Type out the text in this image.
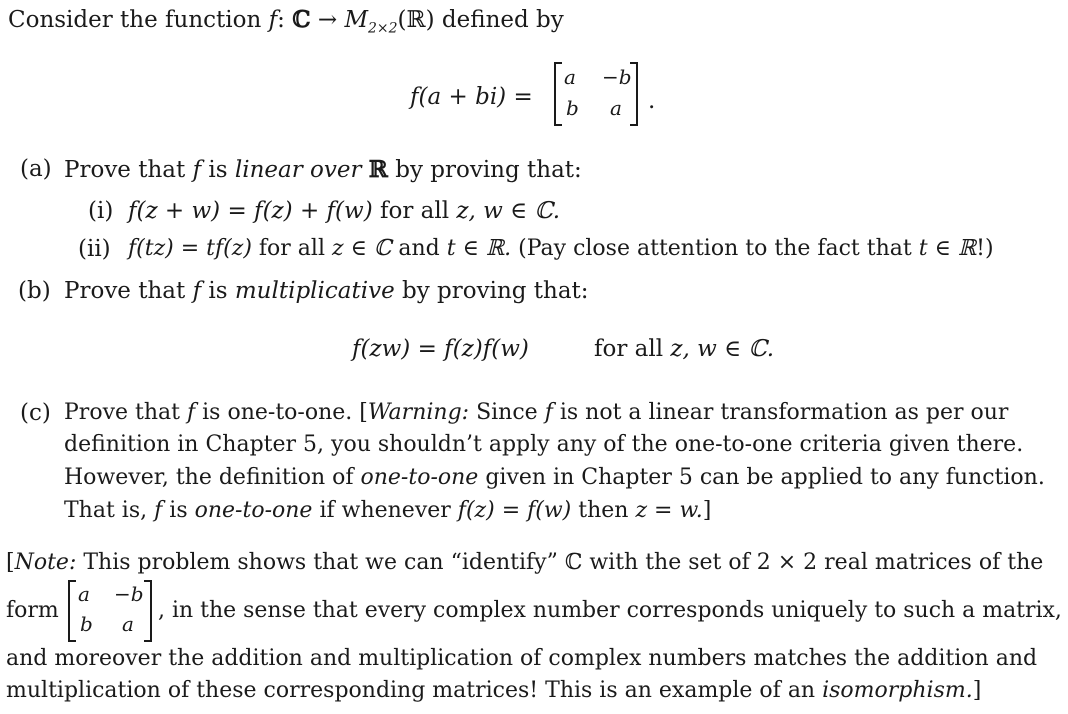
Consider the function f: ℂ → $M_{2\times 2}(ℝ)$ defined by
f(a + bi) =
a −b
b a .
(a) Prove that f is linear over ℝ by proving that:
(i) f(z + w) = f(z) + f(w) for all z, w ∈ ℂ.
(ii) f(tz) = tf(z) for all z ∈ ℂ and t ∈ ℝ. (Pay close attention to the fact that t ∈ ℝ!)
(b) Prove that f is multiplicative by proving that:
f(zw) = f(z)f(w)	for all z, w ∈ ℂ.
(c) Prove that f is one-to-one. [Warning: Since f is not a linear transformation as per our
definition in Chapter 5, you shouldn’t apply any of the one-to-one criteria given there.
However, the definition of one-to-one given in Chapter 5 can be applied to any function.
That is, f is one-to-one if whenever f(z) = f(w) then z = w.]
[Note: This problem shows that we can “identify” ℂ with the set of 2 × 2 real matrices of the
form
a −b
b a
, in the sense that every complex number corresponds uniquely to such a matrix,
and moreover the addition and multiplication of complex numbers matches the addition and
multiplication of these corresponding matrices! This is an example of an isomorphism.]
